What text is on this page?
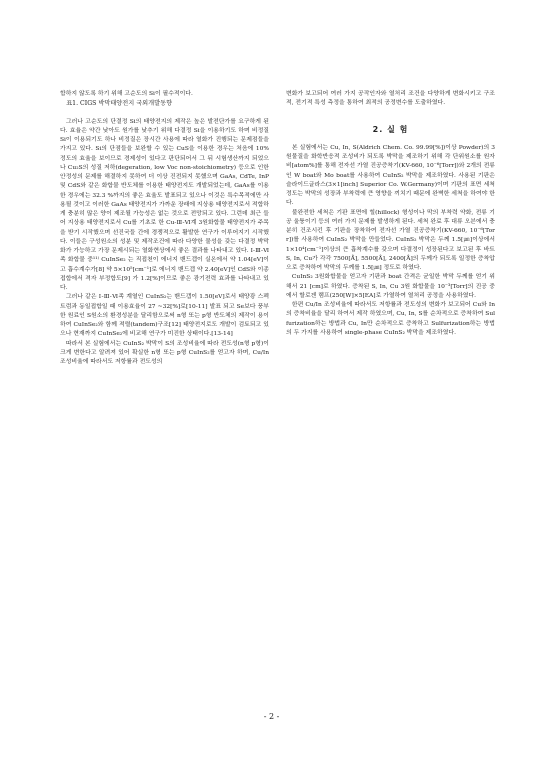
합하지 않도록 하기 위해 고순도의 Si이 필수적이다.

표1. CIGS 박막태양전지 국외개발동향

그러나 고순도의 단결정 Si의 태양전지의 제작은 높은 발전단가를 요구하게 된다. 효율은 약간 낮아도 원가를 낮추기 위해 다결정 Si을 이용하기도 하며 비정질 Si이 이용되기도 하나 비정질은 장시간 사용에 따라 열화가 진행되는 문제점들을 가지고 있다. Si의 단점들을 보완할 수 있는 CuS을 이용한 경우는 처음에 10% 정도의 효율을 보이므로 경제성이 있다고 판단되어서 그 뒤 시험생산까지 되었으나 Cu₂S의 성질 저하(degeration, low Voc non-stoichiometry) 등으로 인한 안정성의 문제를 해결하지 못하여 더 이상 진전되지 못했으며 GaAs, CdTe, InP 및 CdS와 같은 화합물 반도체를 이용한 태양전지도 개발되었는데, GaAs를 이용한 경우에는 32.3 %까지의 좋은 효율도 발표되고 있으나 이것은 특수목적에만 사용될 것이고 이러한 GaAs 태양전지가 가까운 장래에 지상용 태양전지로서 적합하게 충분히 많은 양이 제조될 가능성은 없는 것으로 전망되고 있다. 그런데 최근 들어 지상용 태양전지로서 Cu를 기초로 한 Cu-Ⅲ-Ⅵ계 3원화합물 태양전지가 주목을 받기 시작했으며 선진국들 간에 경쟁적으로 활발한 연구가 이루어지기 시작했다. 이들은 구성원소의 성분 및 제작조건에 따라 다양한 물성을 갖는 다결정 박막화가 가능하고 가장 문제시되는 열화현상에서 좋은 결과를 나타내고 있다. Ⅰ-Ⅲ-Ⅵ족 화합물 중¹¹⁾ CuInSe₂ 는 직접천이 에너지 밴드갭이 실온에서 약 1.04[eV]이고 흡수계수가[8] 약 5×10⁵[cm⁻¹]로 에너지 밴드갭 약 2.40[eV]인 CdS와 이종접합에서 격자 부정합도[9] 가 1.2[%]이므로 좋은 광기전력 효과를 나타내고 있다.

그러나 같은 Ⅰ-Ⅲ-Ⅵ족 계열인 CuInS₂는 밴드갭이 1.50[eV]로서 태양광 스펙트럼과 동일접합일 때 이용효율이 27 ~32[%]로[10-11] 발표 되고 Se보다 풍부한 원료인 S원소의 환경성분을 달리함으로써 n형 또는 p형 반도체의 제작이 용이하여 CuInSe₂와 함께 적렬(tandem)구조[12] 태양전지로도 개발이 검토되고 있으나 현재까지 CuInSe₂에 비교해 연구가 미진한 상태이다.[13-14]

따라서 본 실험에서는 CuInS₂ 박막이 S의 조성비율에 따라 전도성(n형 p형)이 크게 변한다고 알려져 있어 확실한 n형 또는 p형 CuInS₂를 얻고자 하며, Cu/In 조성비율에 따라서도 저항률과 전도성의

변화가 보고되어 여러 가지 공작인자와 열처리 조건을 다양하게 변화시키고 구조적, 전기적 특성 측정을 통하여 최적의 공정변수를 도출하였다.

2. 실 험

본 실험에서는 Cu, In, S(Aldrich Chem. Co. 99.99[%])이상 Powder)의 3원물질을 화학반응적 조성비가 되도록 박막을 제조하기 위해 각 단위원소를 원자비[atom%]를 통해 전자선 가열 진공증착기(KV-660, 10⁻⁶[Torr])와 2개의 전류인 W boat와 Mo boat를 사용하여 CuInS₂ 박막을 제조하였다. 사용된 기판은 슬라이드글라스(3×1[inch] Superior Co. W.Germany)이며 기판의 표면 세척 정도는 박막의 성장과 부착력에 큰 영향을 끼치기 때문에 완벽한 세척을 하여야 한다.

불완전한 세척은 기판 표면에 힐(hillock) 형성이나 막의 부착력 약화, 전류 기공 울퉁이기 등의 여러 가지 문제를 발생하게 된다. 세척 완료 후 대류 오븐에서 충분히 건조시킨 후 기판을 장착하여 전자선 가열 진공증착기(KV-660, 10⁻⁶[Torr])를 사용하여 CuInS₂ 박막을 만들었다. CuInS₂ 박막은 두께 1.5[㎛]이상에서 1×10⁴[cm⁻¹]이상의 큰 흡착계수를 갖으며 다결정이 성장된다고 보고된 후 바트 S, In, Cu가 각각 7500[Å], 5500[Å], 2400[Å]의 두께가 되도록 일정한 증착압으로 증착하여 박막의 두께를 1.5[㎛] 정도로 하였다.

CuInS₂ 3원화합물을 얻고자 기판과 boat 간격은 균일한 박막 두께를 얻기 위해서 21 [cm]로 하였다. 증착된 S, In, Cu 3원 화합물을 10⁻³[Torr]의 진공 중에서 할로겐 램프(250[W]×5[EA]로 가열하여 열처리 공정을 사용하였다.

한편 Cu/In 조성비율에 따라서도 저항률과 전도성의 변화가 보고되어 Cu와 In의 증착비율을 달리 하여서 제작 하였으며, Cu, In, S를 순차적으로 증착하여 Sulfurization하는 방법과 Cu, In만 순차적으로 증착하고 Sulfurization하는 방법의 두 가지를 사용하여 single-phase CuInS₂ 박막을 제조하였다.

- 2 -
